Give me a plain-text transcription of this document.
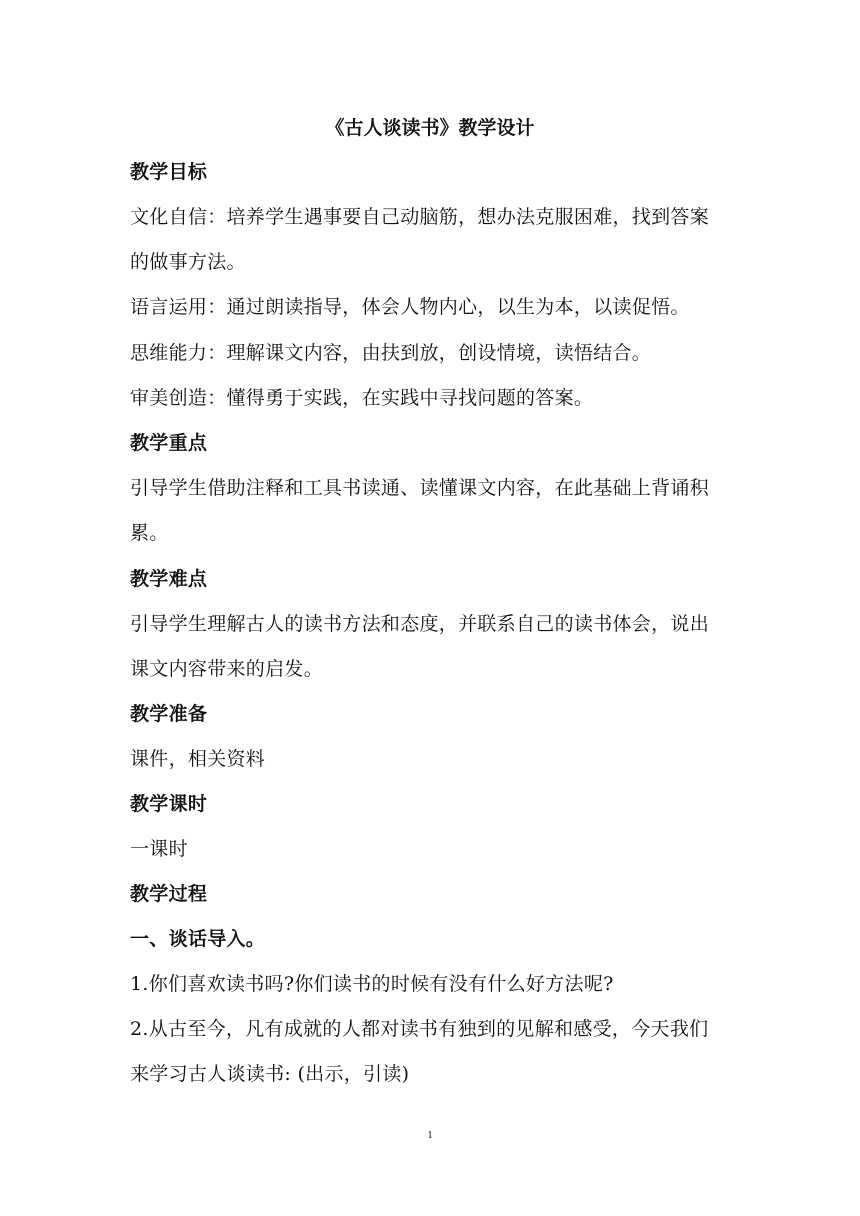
《古人谈读书》教学设计
教学目标
文化自信：培养学生遇事要自己动脑筋，想办法克服困难，找到答案
的做事方法。
语言运用：通过朗读指导，体会人物内心，以生为本，以读促悟。
思维能力：理解课文内容，由扶到放，创设情境，读悟结合。
审美创造：懂得勇于实践，在实践中寻找问题的答案。
教学重点
引导学生借助注释和工具书读通、读懂课文内容，在此基础上背诵积
累。
教学难点
引导学生理解古人的读书方法和态度，并联系自己的读书体会，说出
课文内容带来的启发。
教学准备
课件，相关资料
教学课时
一课时
教学过程
一、谈话导入。
1.你们喜欢读书吗?你们读书的时候有没有什么好方法呢?
2.从古至今，凡有成就的人都对读书有独到的见解和感受，今天我们
来学习古人谈读书: (出示，引读)
1
